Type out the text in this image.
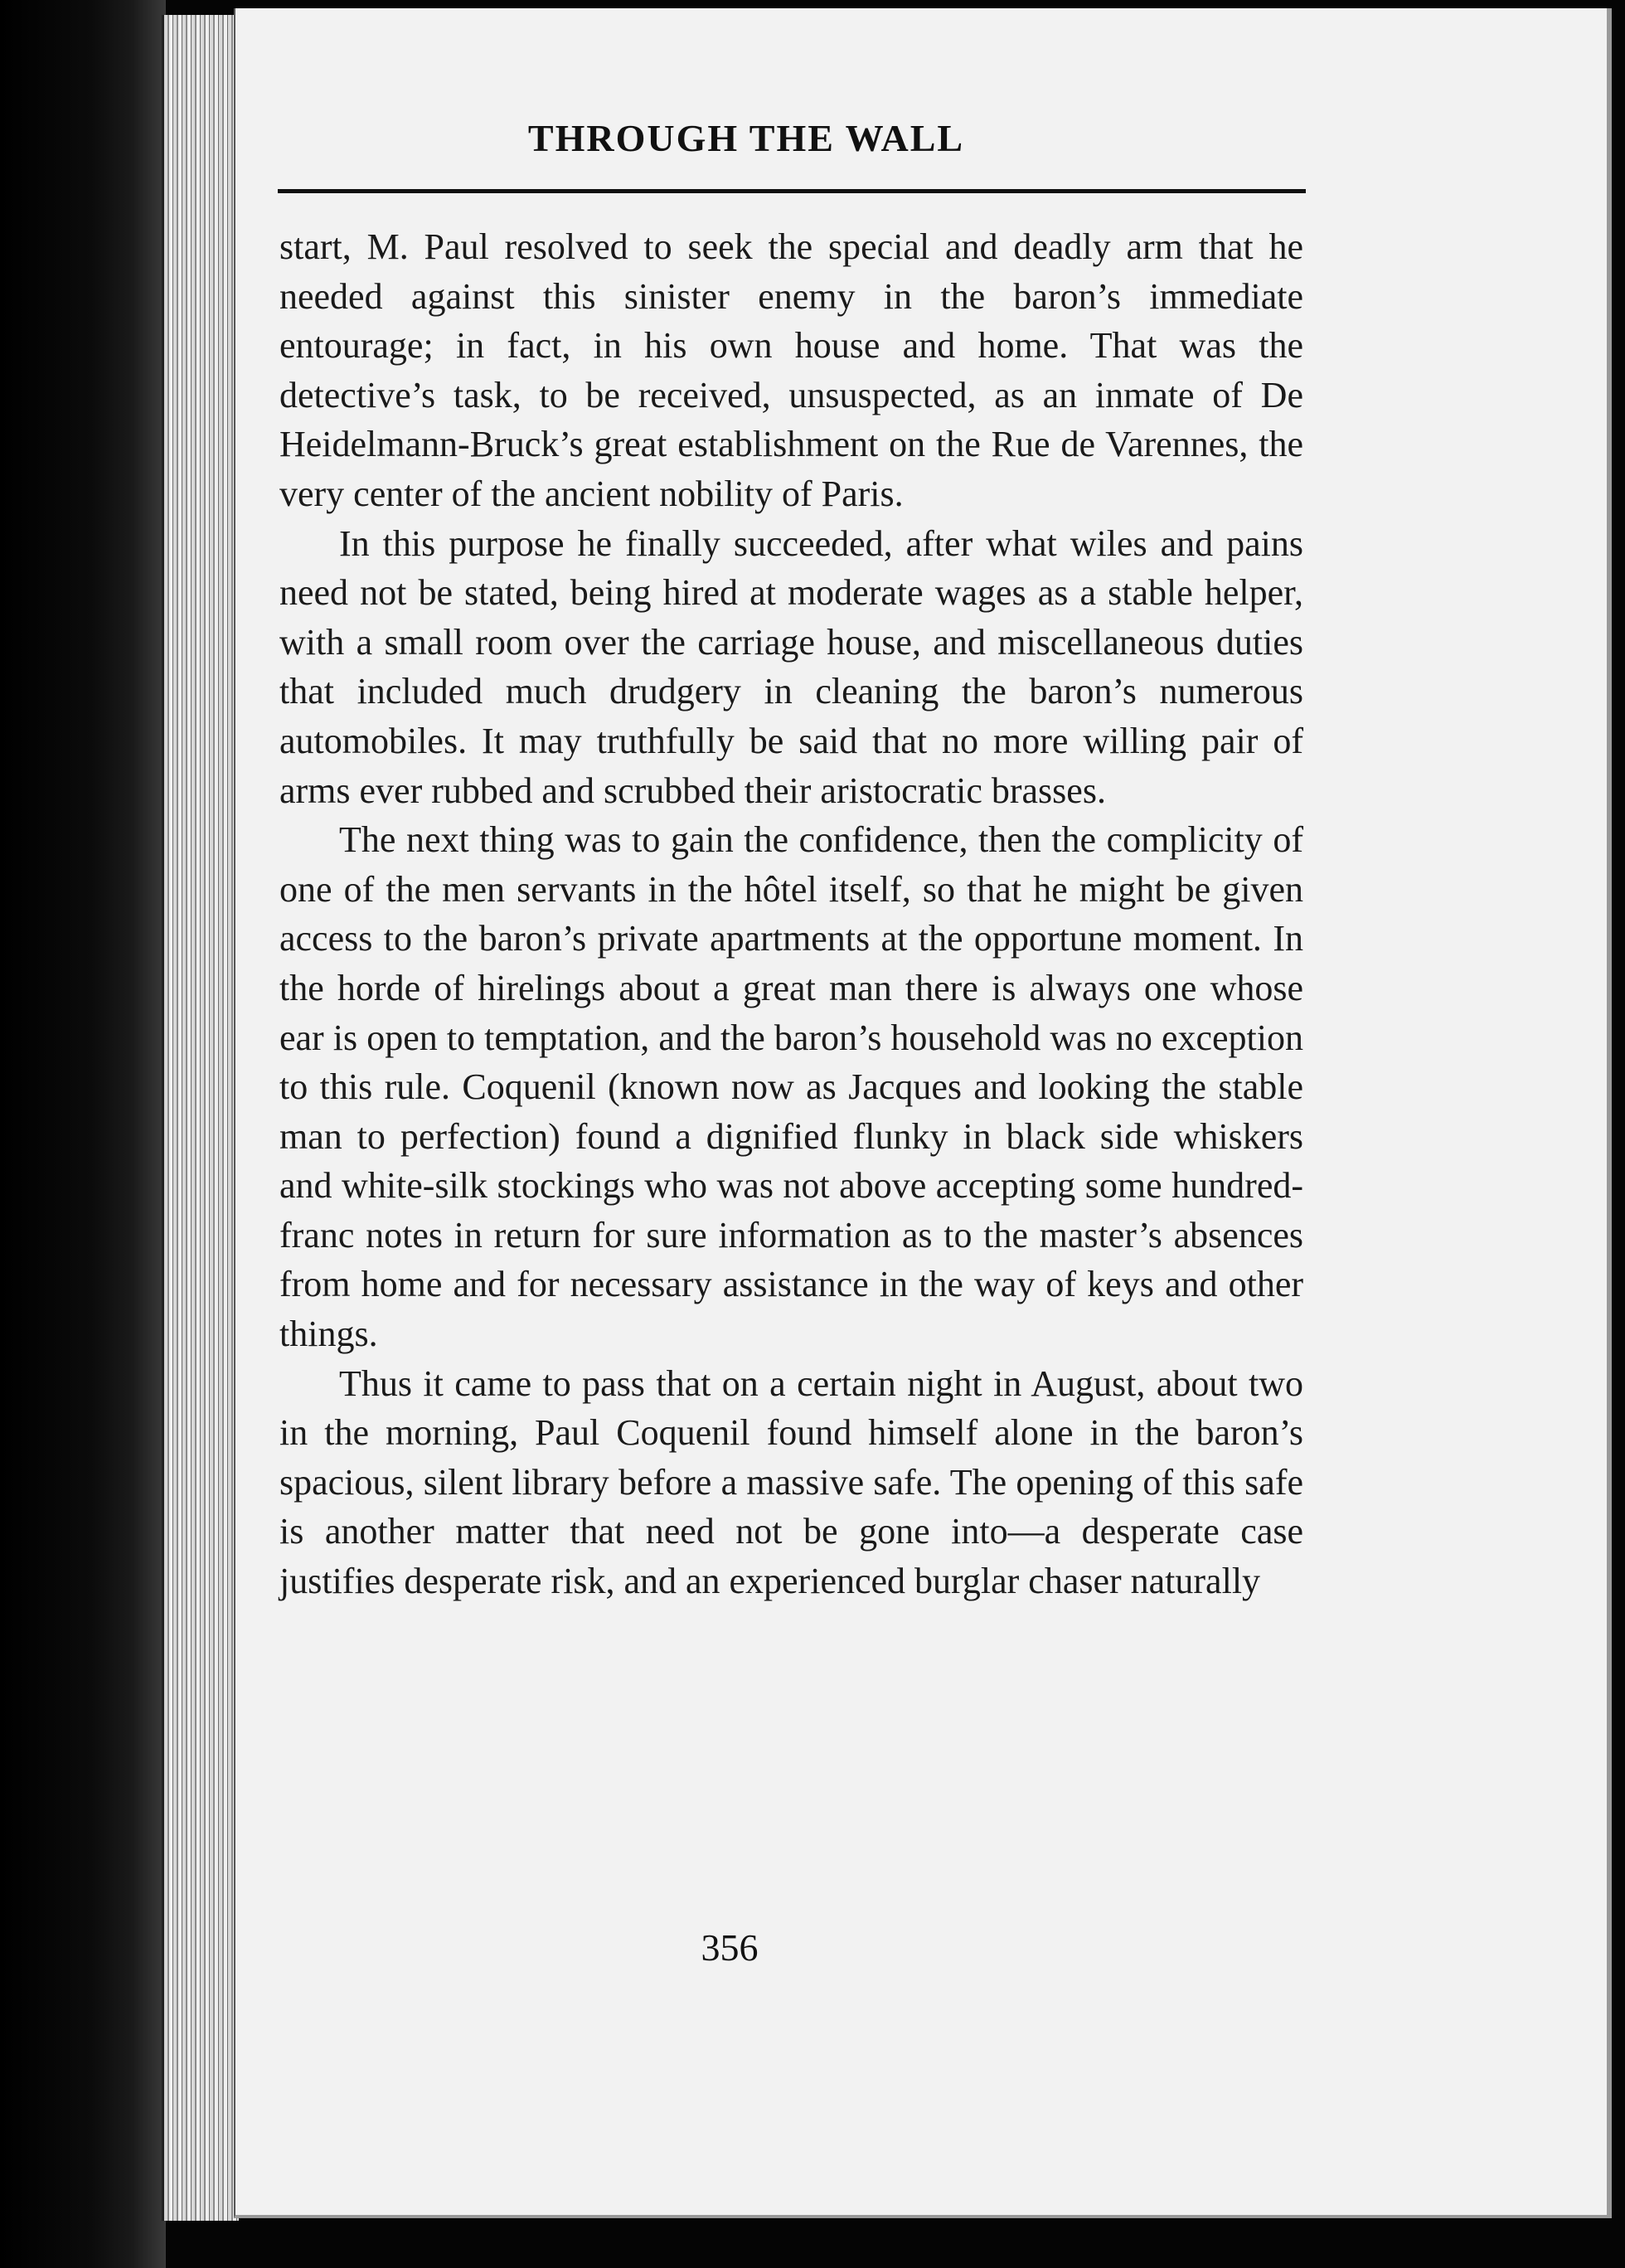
THROUGH THE WALL

start, M. Paul resolved to seek the special and deadly arm that he needed against this sinister enemy in the baron’s immediate entourage; in fact, in his own house and home. That was the detective’s task, to be received, unsuspected, as an inmate of De Heidelmann-Bruck’s great establishment on the Rue de Varennes, the very center of the ancient nobility of Paris.

In this purpose he finally succeeded, after what wiles and pains need not be stated, being hired at moderate wages as a stable helper, with a small room over the carriage house, and miscellaneous duties that included much drudgery in cleaning the baron’s numerous automobiles. It may truthfully be said that no more willing pair of arms ever rubbed and scrubbed their aristocratic brasses.

The next thing was to gain the confidence, then the complicity of one of the men servants in the hôtel itself, so that he might be given access to the baron’s private apartments at the opportune moment. In the horde of hirelings about a great man there is always one whose ear is open to temptation, and the baron’s household was no exception to this rule. Coquenil (known now as Jacques and looking the stable man to perfection) found a dignified flunky in black side whiskers and white-silk stockings who was not above accepting some hundred-franc notes in return for sure information as to the master’s absences from home and for necessary assistance in the way of keys and other things.

Thus it came to pass that on a certain night in August, about two in the morning, Paul Coquenil found himself alone in the baron’s spacious, silent library before a massive safe. The opening of this safe is another matter that need not be gone into—a desperate case justifies desperate risk, and an experienced burglar chaser naturally

356
